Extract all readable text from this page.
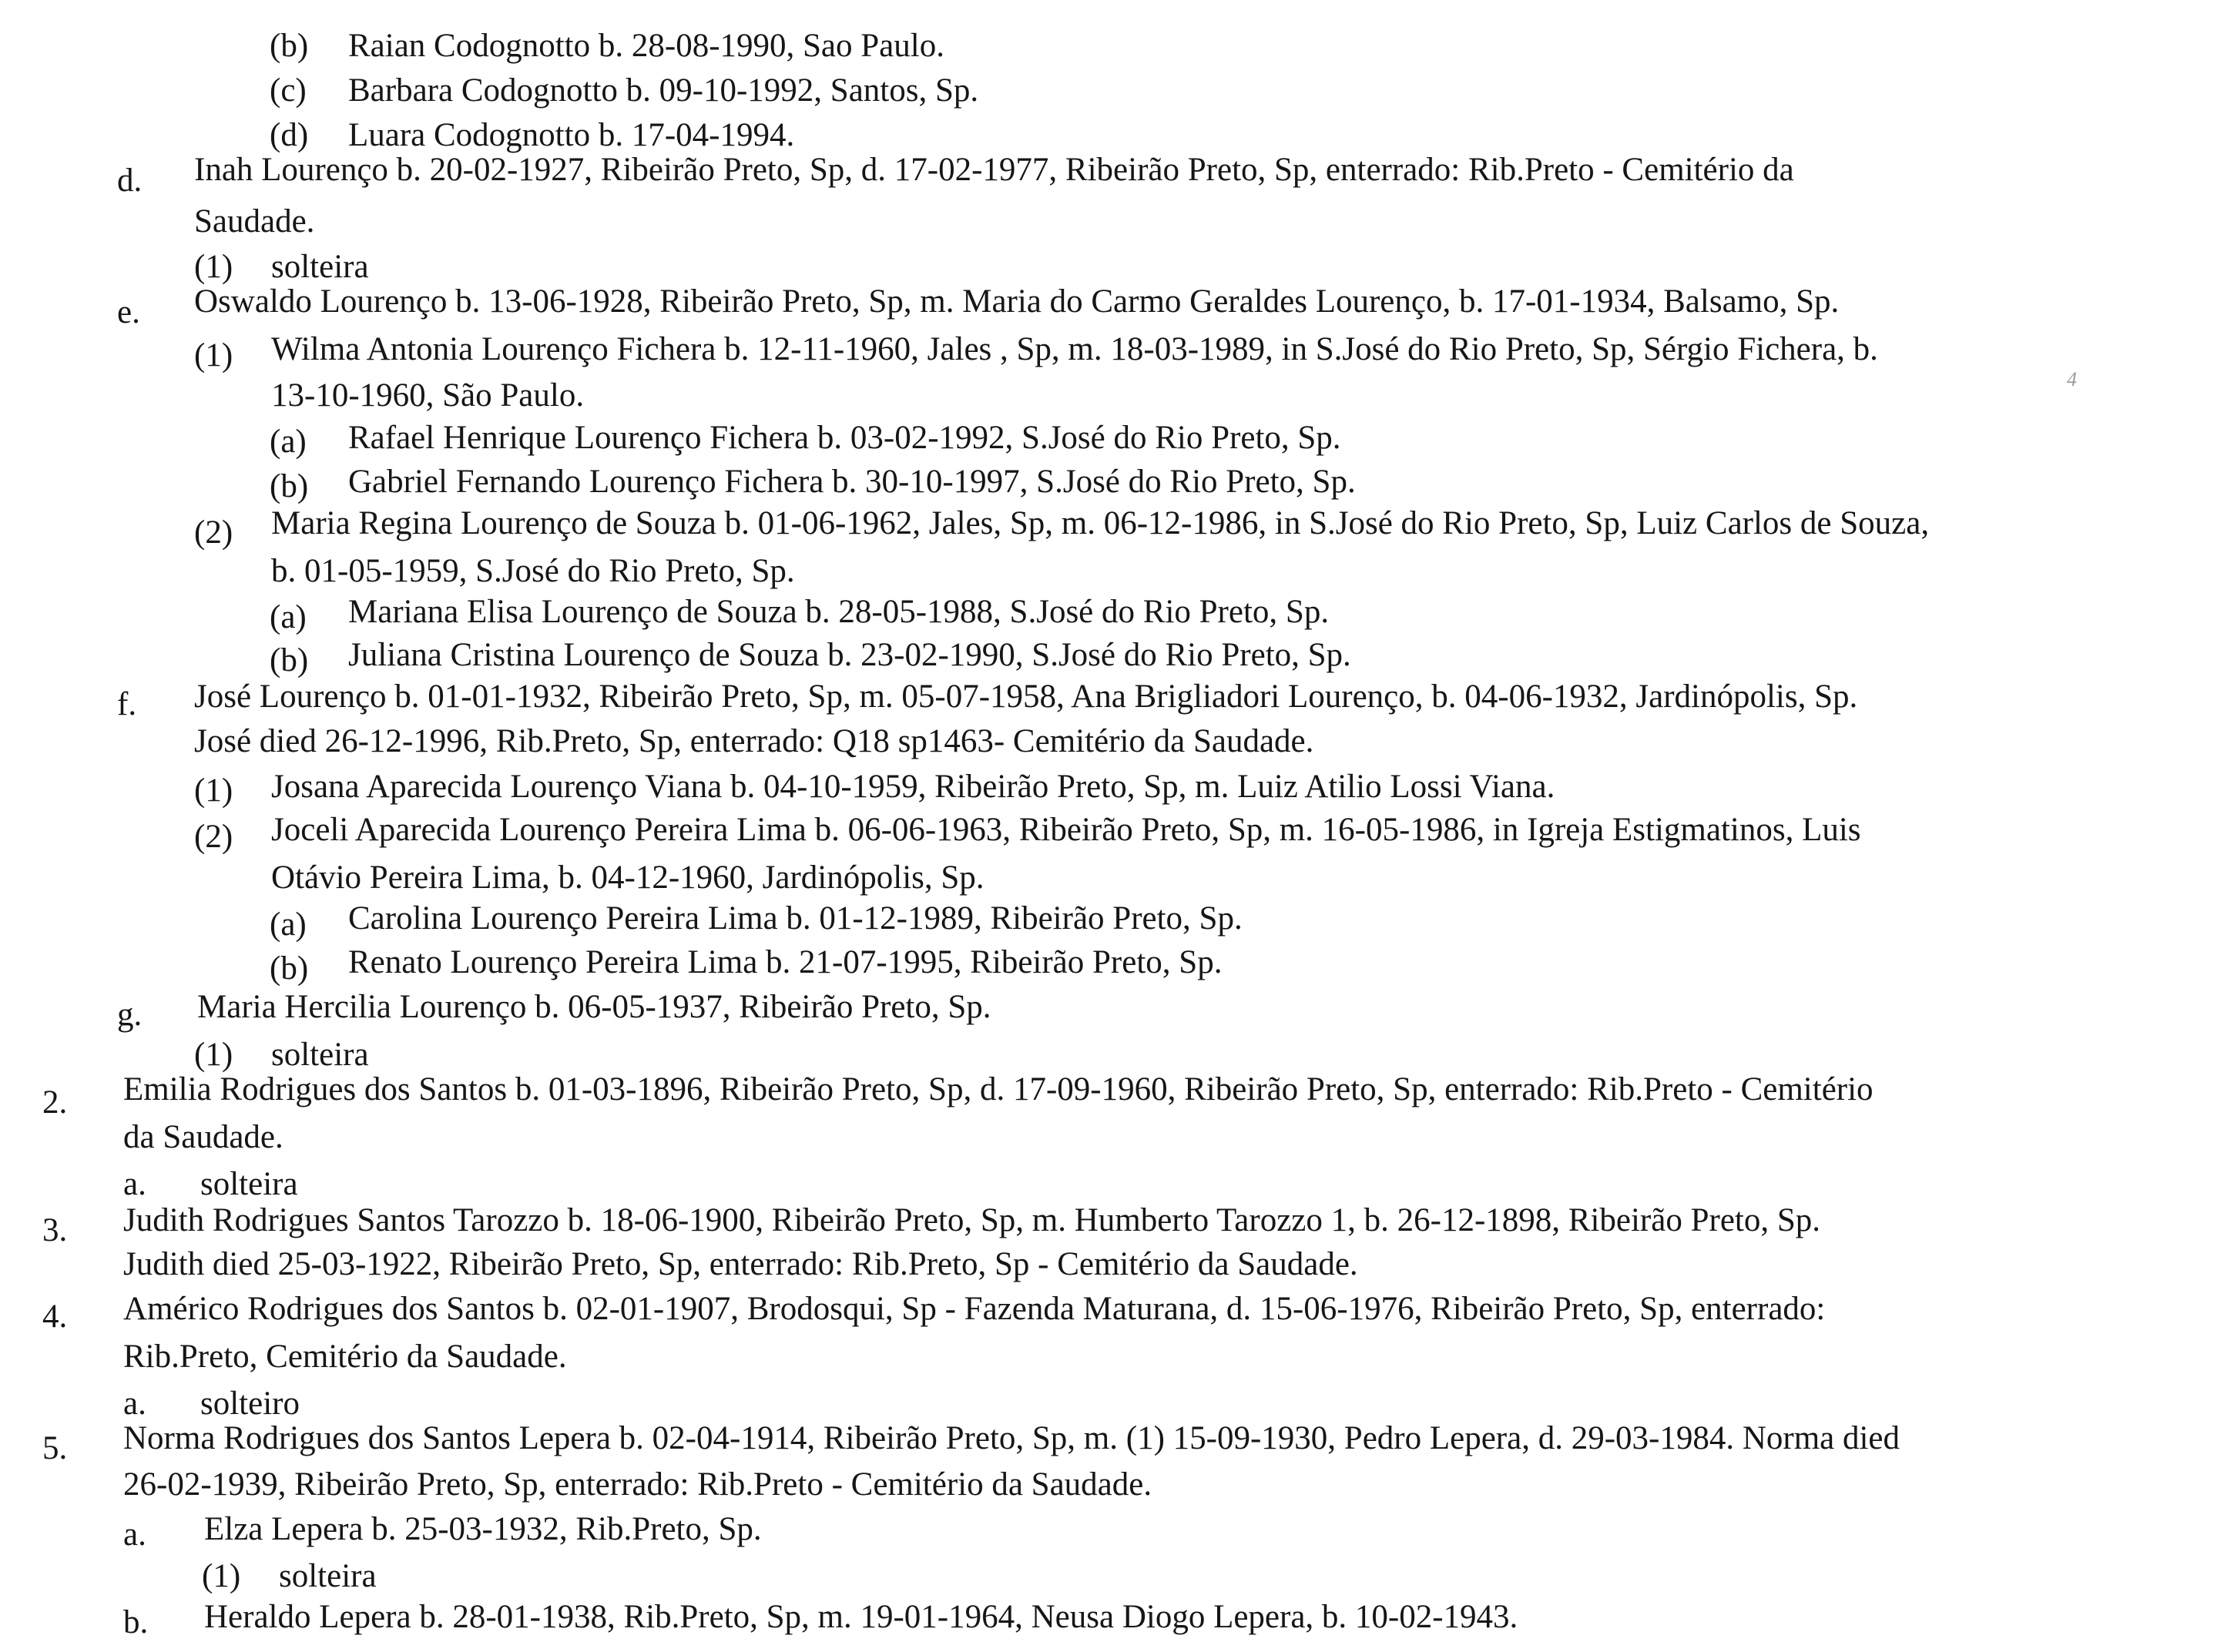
(b) Raian Codognotto b. 28-08-1990, Sao Paulo.
(c) Barbara Codognotto b. 09-10-1992, Santos, Sp.
(d) Luara Codognotto b. 17-04-1994.
d. Inah Lourenço b. 20-02-1927, Ribeirão Preto, Sp, d. 17-02-1977, Ribeirão Preto, Sp, enterrado: Rib.Preto - Cemitério da
Saudade.
(1) solteira
e. Oswaldo Lourenço b. 13-06-1928, Ribeirão Preto, Sp, m. Maria do Carmo Geraldes Lourenço, b. 17-01-1934, Balsamo, Sp.
(1) Wilma Antonia Lourenço Fichera b. 12-11-1960, Jales , Sp, m. 18-03-1989, in S.José do Rio Preto, Sp, Sérgio Fichera, b.
13-10-1960, São Paulo.
(a) Rafael Henrique Lourenço Fichera b. 03-02-1992, S.José do Rio Preto, Sp.
(b) Gabriel Fernando Lourenço Fichera b. 30-10-1997, S.José do Rio Preto, Sp.
(2) Maria Regina Lourenço de Souza b. 01-06-1962, Jales, Sp, m. 06-12-1986, in S.José do Rio Preto, Sp, Luiz Carlos de Souza,
b. 01-05-1959, S.José do Rio Preto, Sp.
(a) Mariana Elisa Lourenço de Souza b. 28-05-1988, S.José do Rio Preto, Sp.
(b) Juliana Cristina Lourenço de Souza b. 23-02-1990, S.José do Rio Preto, Sp.
f. José Lourenço b. 01-01-1932, Ribeirão Preto, Sp, m. 05-07-1958, Ana Brigliadori Lourenço, b. 04-06-1932, Jardinópolis, Sp.
José died 26-12-1996, Rib.Preto, Sp, enterrado: Q18 sp1463- Cemitério da Saudade.
(1) Josana Aparecida Lourenço Viana b. 04-10-1959, Ribeirão Preto, Sp, m. Luiz Atilio Lossi Viana.
(2) Joceli Aparecida Lourenço Pereira Lima b. 06-06-1963, Ribeirão Preto, Sp, m. 16-05-1986, in Igreja Estigmatinos, Luis
Otávio Pereira Lima, b. 04-12-1960, Jardinópolis, Sp.
(a) Carolina Lourenço Pereira Lima b. 01-12-1989, Ribeirão Preto, Sp.
(b) Renato Lourenço Pereira Lima b. 21-07-1995, Ribeirão Preto, Sp.
g. Maria Hercilia Lourenço b. 06-05-1937, Ribeirão Preto, Sp.
(1) solteira
2. Emilia Rodrigues dos Santos b. 01-03-1896, Ribeirão Preto, Sp, d. 17-09-1960, Ribeirão Preto, Sp, enterrado: Rib.Preto - Cemitério
da Saudade.
a. solteira
3. Judith Rodrigues Santos Tarozzo b. 18-06-1900, Ribeirão Preto, Sp, m. Humberto Tarozzo 1, b. 26-12-1898, Ribeirão Preto, Sp.
Judith died 25-03-1922, Ribeirão Preto, Sp, enterrado: Rib.Preto, Sp - Cemitério da Saudade.
4. Américo Rodrigues dos Santos b. 02-01-1907, Brodosqui, Sp - Fazenda Maturana, d. 15-06-1976, Ribeirão Preto, Sp, enterrado:
Rib.Preto, Cemitério da Saudade.
a. solteiro
5. Norma Rodrigues dos Santos Lepera b. 02-04-1914, Ribeirão Preto, Sp, m. (1) 15-09-1930, Pedro Lepera, d. 29-03-1984. Norma died
26-02-1939, Ribeirão Preto, Sp, enterrado: Rib.Preto - Cemitério da Saudade.
a. Elza Lepera b. 25-03-1932, Rib.Preto, Sp.
(1) solteira
b. Heraldo Lepera b. 28-01-1938, Rib.Preto, Sp, m. 19-01-1964, Neusa Diogo Lepera, b. 10-02-1943.
4
